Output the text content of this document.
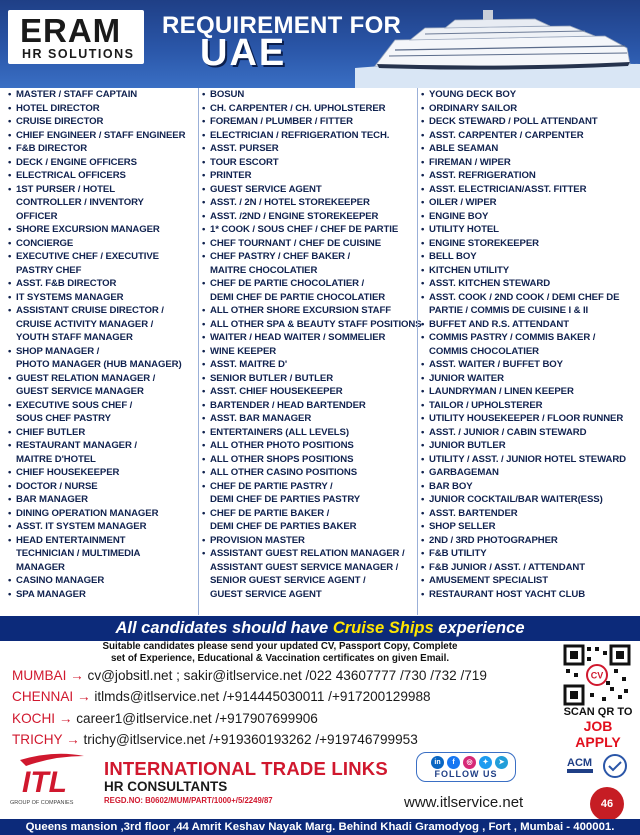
ERAM
HR SOLUTIONS
REQUIREMENT FOR
UAE
• MASTER / STAFF CAPTAIN
• HOTEL DIRECTOR
• CRUISE DIRECTOR
• CHIEF ENGINEER / STAFF ENGINEER
• F&B DIRECTOR
• DECK / ENGINE OFFICERS
• ELECTRICAL OFFICERS
• 1ST PURSER / HOTEL
CONTROLLER / INVENTORY
OFFICER
• SHORE EXCURSION MANAGER
• CONCIERGE
• EXECUTIVE CHEF / EXECUTIVE
PASTRY CHEF
• ASST. F&B DIRECTOR
• IT SYSTEMS MANAGER
• ASSISTANT CRUISE DIRECTOR /
CRUISE ACTIVITY MANAGER /
YOUTH STAFF MANAGER
• SHOP MANAGER /
PHOTO MANAGER (HUB MANAGER)
• GUEST RELATION MANAGER /
GUEST SERVICE MANAGER
• EXECUTIVE SOUS CHEF /
SOUS CHEF PASTRY
• CHIEF BUTLER
• RESTAURANT MANAGER /
MAITRE D'HOTEL
• CHIEF HOUSEKEEPER
• DOCTOR / NURSE
• BAR MANAGER
• DINING OPERATION MANAGER
• ASST. IT SYSTEM MANAGER
• HEAD ENTERTAINMENT
TECHNICIAN / MULTIMEDIA
MANAGER
• CASINO MANAGER
• SPA MANAGER
• BOSUN
• CH. CARPENTER / CH. UPHOLSTERER
• FOREMAN / PLUMBER / FITTER
• ELECTRICIAN / REFRIGERATION TECH.
• ASST. PURSER
• TOUR ESCORT
• PRINTER
• GUEST SERVICE AGENT
• ASST. / 2N / HOTEL STOREKEEPER
• ASST. /2ND / ENGINE STOREKEEPER
• 1* COOK / SOUS CHEF / CHEF DE PARTIE
• CHEF TOURNANT / CHEF DE CUISINE
• CHEF PASTRY / CHEF BAKER /
MAITRE CHOCOLATIER
• CHEF DE PARTIE CHOCOLATIER /
DEMI CHEF DE PARTIE CHOCOLATIER
• ALL OTHER SHORE EXCURSION STAFF
• ALL OTHER SPA & BEAUTY STAFF POSITIONS
• WAITER / HEAD WAITER / SOMMELIER
• WINE KEEPER
• ASST. MAITRE D'
• SENIOR BUTLER / BUTLER
• ASST. CHIEF HOUSEKEEPER
• BARTENDER / HEAD BARTENDER
• ASST. BAR MANAGER
• ENTERTAINERS (ALL LEVELS)
• ALL OTHER PHOTO POSITIONS
• ALL OTHER SHOPS POSITIONS
• ALL OTHER CASINO POSITIONS
• CHEF DE PARTIE PASTRY /
DEMI CHEF DE PARTIES PASTRY
• CHEF DE PARTIE BAKER /
DEMI CHEF DE PARTIES BAKER
• PROVISION MASTER
• ASSISTANT GUEST RELATION MANAGER /
ASSISTANT GUEST SERVICE MANAGER /
SENIOR GUEST SERVICE AGENT /
GUEST SERVICE AGENT
• YOUNG DECK BOY
• ORDINARY SAILOR
• DECK STEWARD / POLL ATTENDANT
• ASST. CARPENTER / CARPENTER
• ABLE SEAMAN
• FIREMAN / WIPER
• ASST. REFRIGERATION
• ASST. ELECTRICIAN/ASST. FITTER
• OILER / WIPER
• ENGINE BOY
• UTILITY HOTEL
• ENGINE STOREKEEPER
• BELL BOY
• KITCHEN UTILITY
• ASST. KITCHEN STEWARD
• ASST. COOK / 2ND COOK / DEMI CHEF DE
PARTIE / COMMIS DE CUISINE I & II
• BUFFET AND R.S. ATTENDANT
• COMMIS PASTRY / COMMIS BAKER /
COMMIS CHOCOLATIER
• ASST. WAITER / BUFFET BOY
• JUNIOR WAITER
• LAUNDRYMAN / LINEN KEEPER
• TAILOR / UPHOLSTERER
• UTILITY HOUSEKEEPER / FLOOR RUNNER
• ASST. / JUNIOR / CABIN STEWARD
• JUNIOR BUTLER
• UTILITY / ASST. / JUNIOR HOTEL STEWARD
• GARBAGEMAN
• BAR BOY
• JUNIOR COCKTAIL/BAR WAITER(ESS)
• ASST. BARTENDER
• SHOP SELLER
• 2ND / 3RD PHOTOGRAPHER
• F&B UTILITY
• F&B JUNIOR / ASST. / ATTENDANT
• AMUSEMENT SPECIALIST
• RESTAURANT HOST YACHT CLUB
All candidates should have Cruise Ships experience
Suitable candidates please send your updated CV, Passport Copy, Complete
set of Experience, Educational & Vaccination certificates on given Email.
MUMBAI → cv@jobsitl.net ; sakir@itlservice.net /022 43607777 /730 /732 /719
CHENNAI → itlmds@itlservice.net /+914445030011 /+917200129988
KOCHI → career1@itlservice.net /+917907699906
TRICHY → trichy@itlservice.net /+919360193262 /+919746799953
CV
SCAN QR TO
JOB APPLY
ITL
GROUP OF COMPANIES
INTERNATIONAL TRADE LINKS
HR CONSULTANTS
REGD.NO: B0602/MUM/PART/1000+/5/2249/87
in	f	◎	✦	➤
FOLLOW US
www.itlservice.net
ACM
46
Queens mansion ,3rd floor ,44 Amrit Keshav Nayak Marg. Behind Khadi Gramodyog , Fort , Mumbai - 400001.
